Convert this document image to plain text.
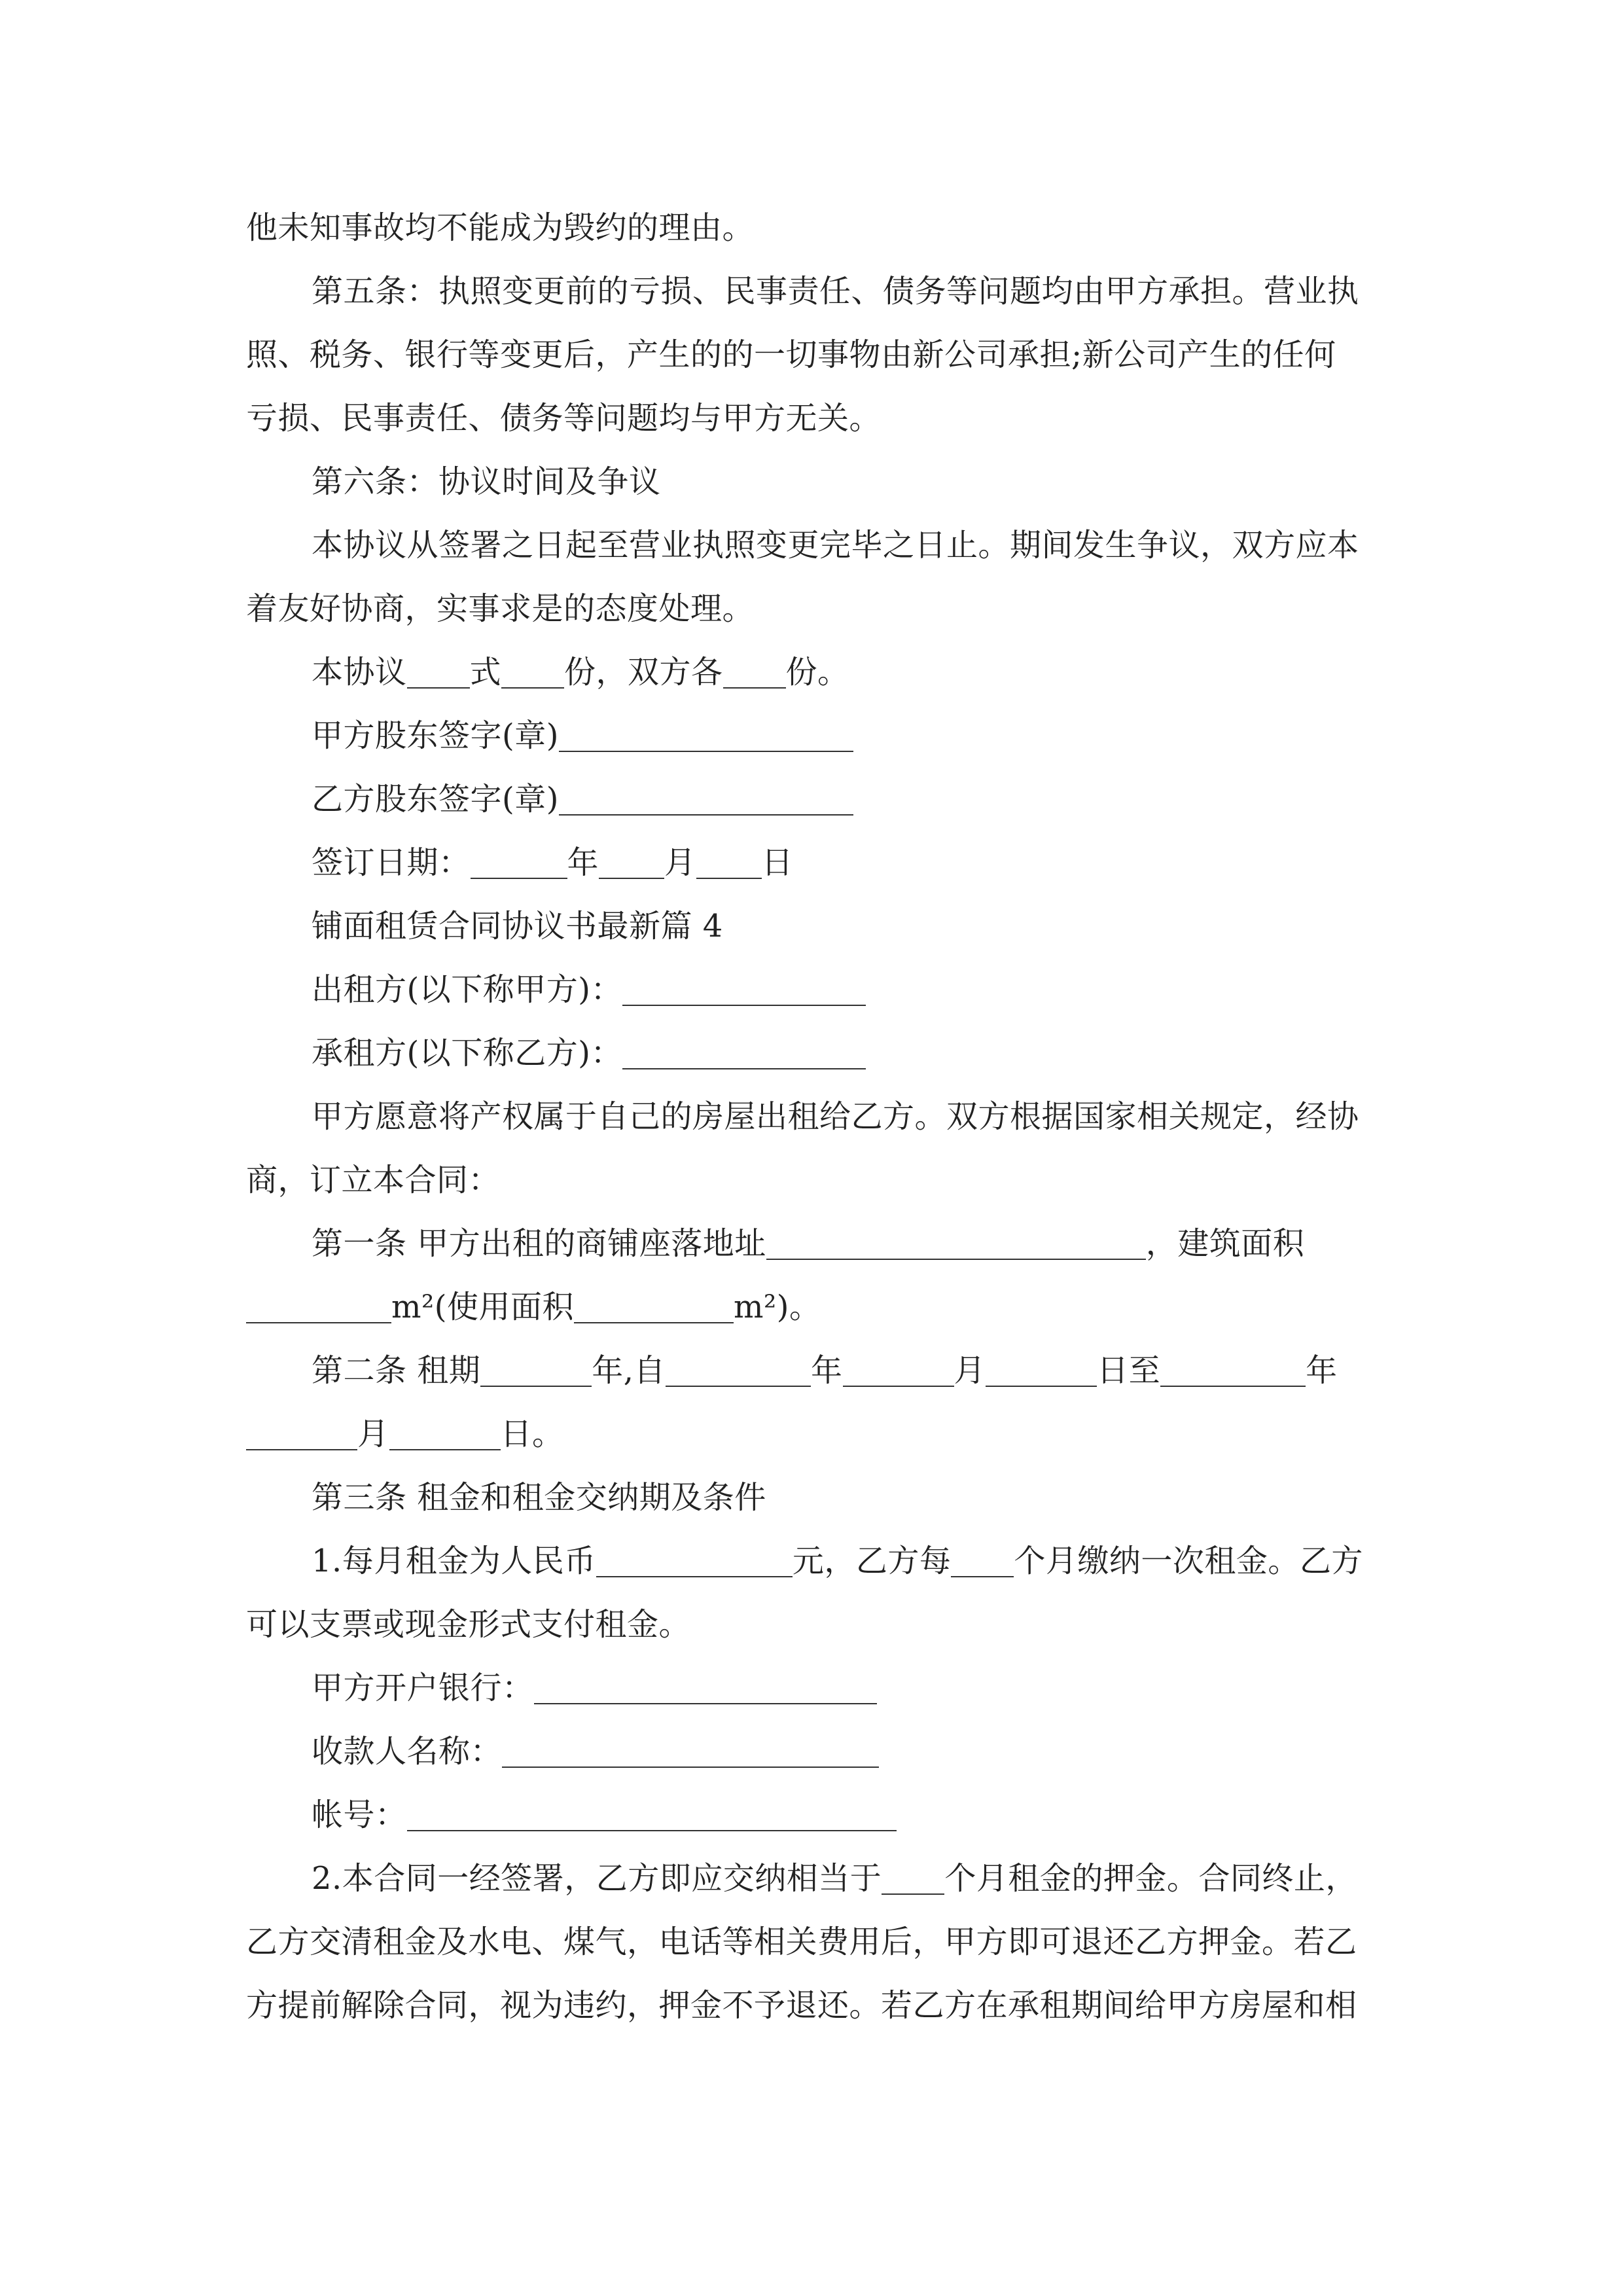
他未知事故均不能成为毁约的理由。
第五条：执照变更前的亏损、民事责任、债务等问题均由甲方承担。营业执
照、税务、银行等变更后，产生的的一切事物由新公司承担;新公司产生的任何
亏损、民事责任、债务等问题均与甲方无关。
第六条：协议时间及争议
本协议从签署之日起至营业执照变更完毕之日止。期间发生争议，双方应本
着友好协商，实事求是的态度处理。
本协议 式 份，双方各 份。
甲方股东签字(章)
乙方股东签字(章)
签订日期：	年 月 日
铺面租赁合同协议书最新篇 4
出租方(以下称甲方)：
承租方(以下称乙方)：
甲方愿意将产权属于自己的房屋出租给乙方。双方根据国家相关规定，经协
商，订立本合同：
第一条 甲方出租的商铺座落地址	，建筑面积
m²(使用面积	m²)。
第二条 租期	年,自	年	月	日至	年
月	日。
第三条 租金和租金交纳期及条件
1.每月租金为人民币	元，乙方每 个月缴纳一次租金。乙方
可以支票或现金形式支付租金。
甲方开户银行：
收款人名称：
帐号：
2.本合同一经签署，乙方即应交纳相当于 个月租金的押金。合同终止，
乙方交清租金及水电、煤气，电话等相关费用后，甲方即可退还乙方押金。若乙
方提前解除合同，视为违约，押金不予退还。若乙方在承租期间给甲方房屋和相
